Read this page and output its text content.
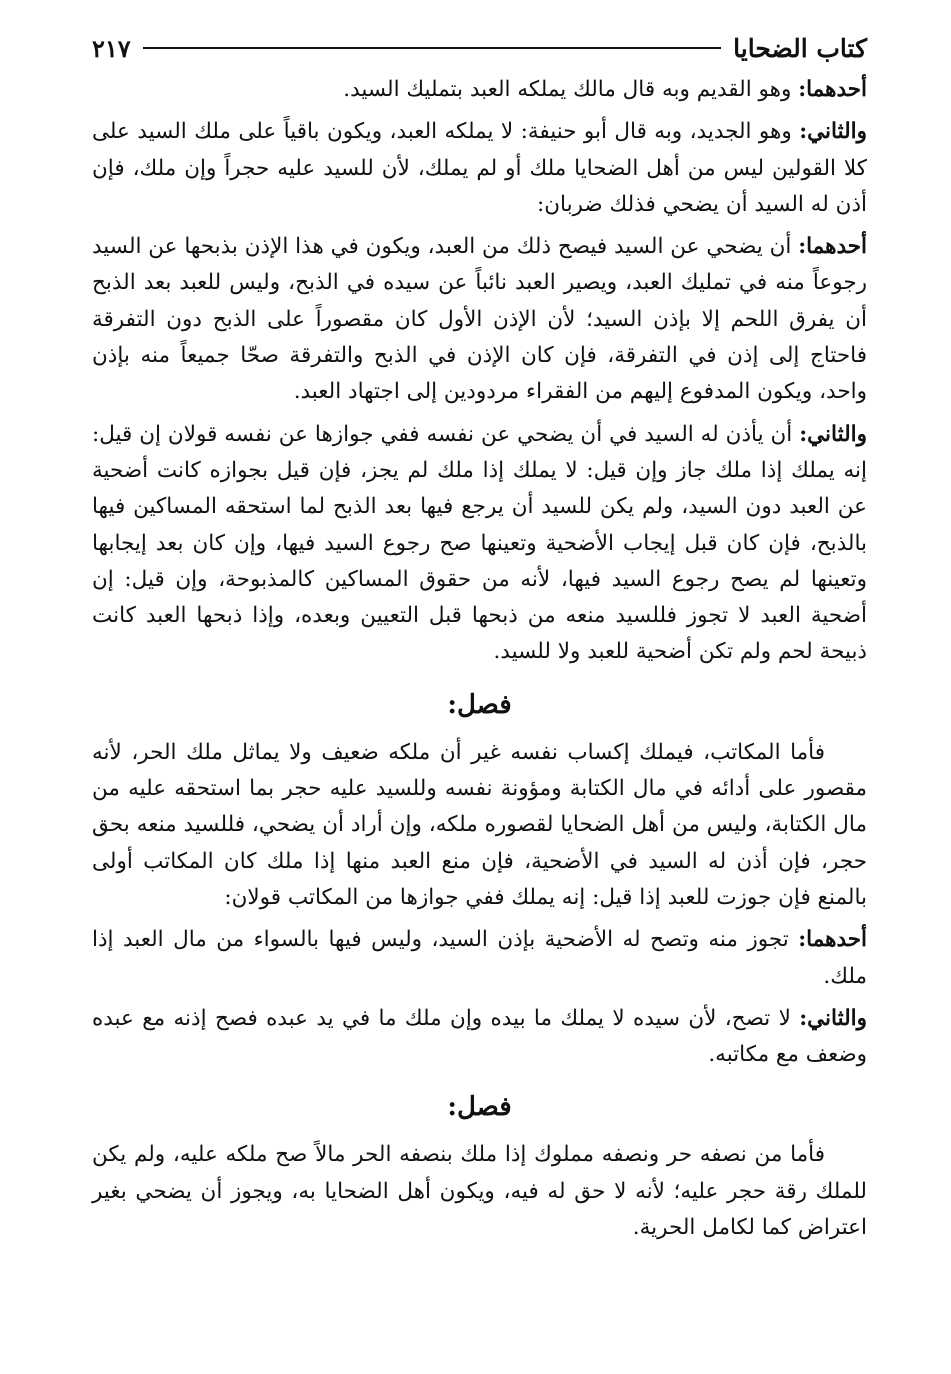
كتاب الضحايا
٢١٧

أحدهما: وهو القديم وبه قال مالك يملكه العبد بتمليك السيد.

والثاني: وهو الجديد، وبه قال أبو حنيفة: لا يملكه العبد، ويكون باقياً على ملك السيد على كلا القولين ليس من أهل الضحايا ملك أو لم يملك، لأن للسيد عليه حجراً وإن ملك، فإن أذن له السيد أن يضحي فذلك ضربان:

أحدهما: أن يضحي عن السيد فيصح ذلك من العبد، ويكون في هذا الإذن بذبحها عن السيد رجوعاً منه في تمليك العبد، ويصير العبد نائباً عن سيده في الذبح، وليس للعبد بعد الذبح أن يفرق اللحم إلا بإذن السيد؛ لأن الإذن الأول كان مقصوراً على الذبح دون التفرقة فاحتاج إلى إذن في التفرقة، فإن كان الإذن في الذبح والتفرقة صحّا جميعاً منه بإذن واحد، ويكون المدفوع إليهم من الفقراء مردودين إلى اجتهاد العبد.

والثاني: أن يأذن له السيد في أن يضحي عن نفسه ففي جوازها عن نفسه قولان إن قيل: إنه يملك إذا ملك جاز وإن قيل: لا يملك إذا ملك لم يجز، فإن قيل بجوازه كانت أضحية عن العبد دون السيد، ولم يكن للسيد أن يرجع فيها بعد الذبح لما استحقه المساكين فيها بالذبح، فإن كان قبل إيجاب الأضحية وتعينها صح رجوع السيد فيها، وإن كان بعد إيجابها وتعينها لم يصح رجوع السيد فيها، لأنه من حقوق المساكين كالمذبوحة، وإن قيل: إن أضحية العبد لا تجوز فللسيد منعه من ذبحها قبل التعيين وبعده، وإذا ذبحها العبد كانت ذبيحة لحم ولم تكن أضحية للعبد ولا للسيد.

فصل:

فأما المكاتب، فيملك إكساب نفسه غير أن ملكه ضعيف ولا يماثل ملك الحر، لأنه مقصور على أدائه في مال الكتابة ومؤونة نفسه وللسيد عليه حجر بما استحقه عليه من مال الكتابة، وليس من أهل الضحايا لقصوره ملكه، وإن أراد أن يضحي، فللسيد منعه بحق حجر، فإن أذن له السيد في الأضحية، فإن منع العبد منها إذا ملك كان المكاتب أولى بالمنع فإن جوزت للعبد إذا قيل: إنه يملك ففي جوازها من المكاتب قولان:

أحدهما: تجوز منه وتصح له الأضحية بإذن السيد، وليس فيها بالسواء من مال العبد إذا ملك.

والثاني: لا تصح، لأن سيده لا يملك ما بيده وإن ملك ما في يد عبده فصح إذنه مع عبده وضعف مع مكاتبه.

فصل:

فأما من نصفه حر ونصفه مملوك إذا ملك بنصفه الحر مالاً صح ملكه عليه، ولم يكن للملك رقة حجر عليه؛ لأنه لا حق له فيه، ويكون أهل الضحايا به، ويجوز أن يضحي بغير اعتراض كما لكامل الحرية.
